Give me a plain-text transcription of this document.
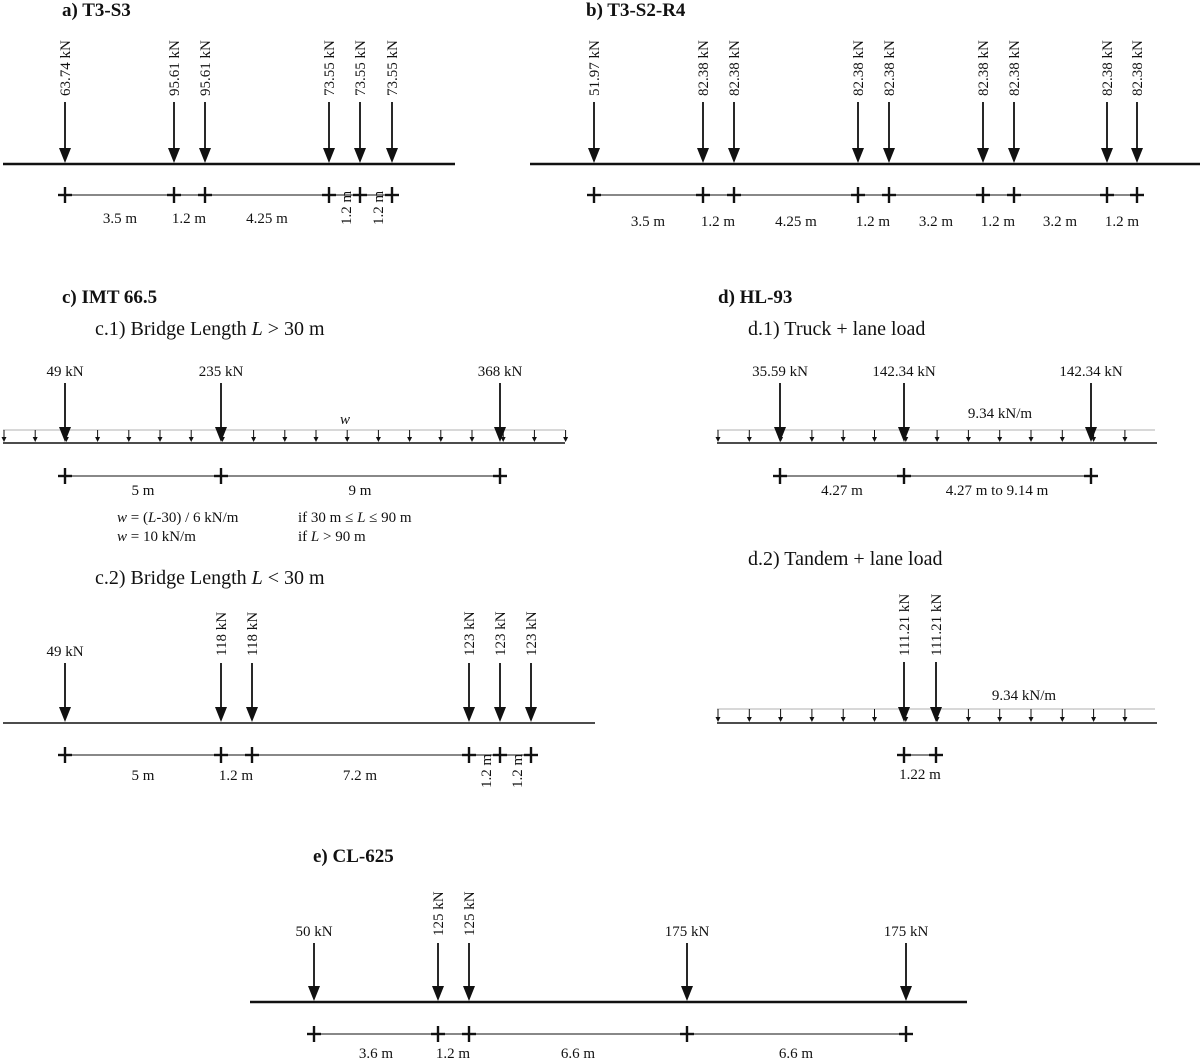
a) T3-S3
63.74 kN	95.61 kN 95.61 kN	73.55 kN 73.55 kN 73.55 kN
3.5 m 1.2 m	4.25 m	1.2 m 1.2 m
b) T3-S2-R4
51.97 kN	82.38 kN 82.38 kN	82.38 kN 82.38 kN	82.38 kN 82.38 kN	82.38 kN 82.38 kN
3.5 m 1.2 m	4.25 m	1.2 m 3.2 m 1.2 m 3.2 m 1.2 m
c) IMT 66.5
c.1) Bridge Length L > 30 m
w
49 kN	235 kN	368 kN
5 m	9 m
w = (L-30) / 6 kN/m	if 30 m ≤ L ≤ 90 m
w = 10 kN/m	if L > 90 m
c.2) Bridge Length L < 30 m
49 kN	118 kN 118 kN	123 kN 123 kN 123 kN
5 m	1.2 m	7.2 m	1.2 m 1.2 m
d) HL-93
d.1) Truck + lane load
9.34 kN/m
35.59 kN	142.34 kN	142.34 kN
4.27 m	4.27 m to 9.14 m
d.2) Tandem + lane load
9.34 kN/m
111.21 kN 111.21 kN
1.22 m
e) CL-625
50 kN	125 kN 125 kN	175 kN	175 kN
3.6 m	1.2 m	6.6 m	6.6 m
